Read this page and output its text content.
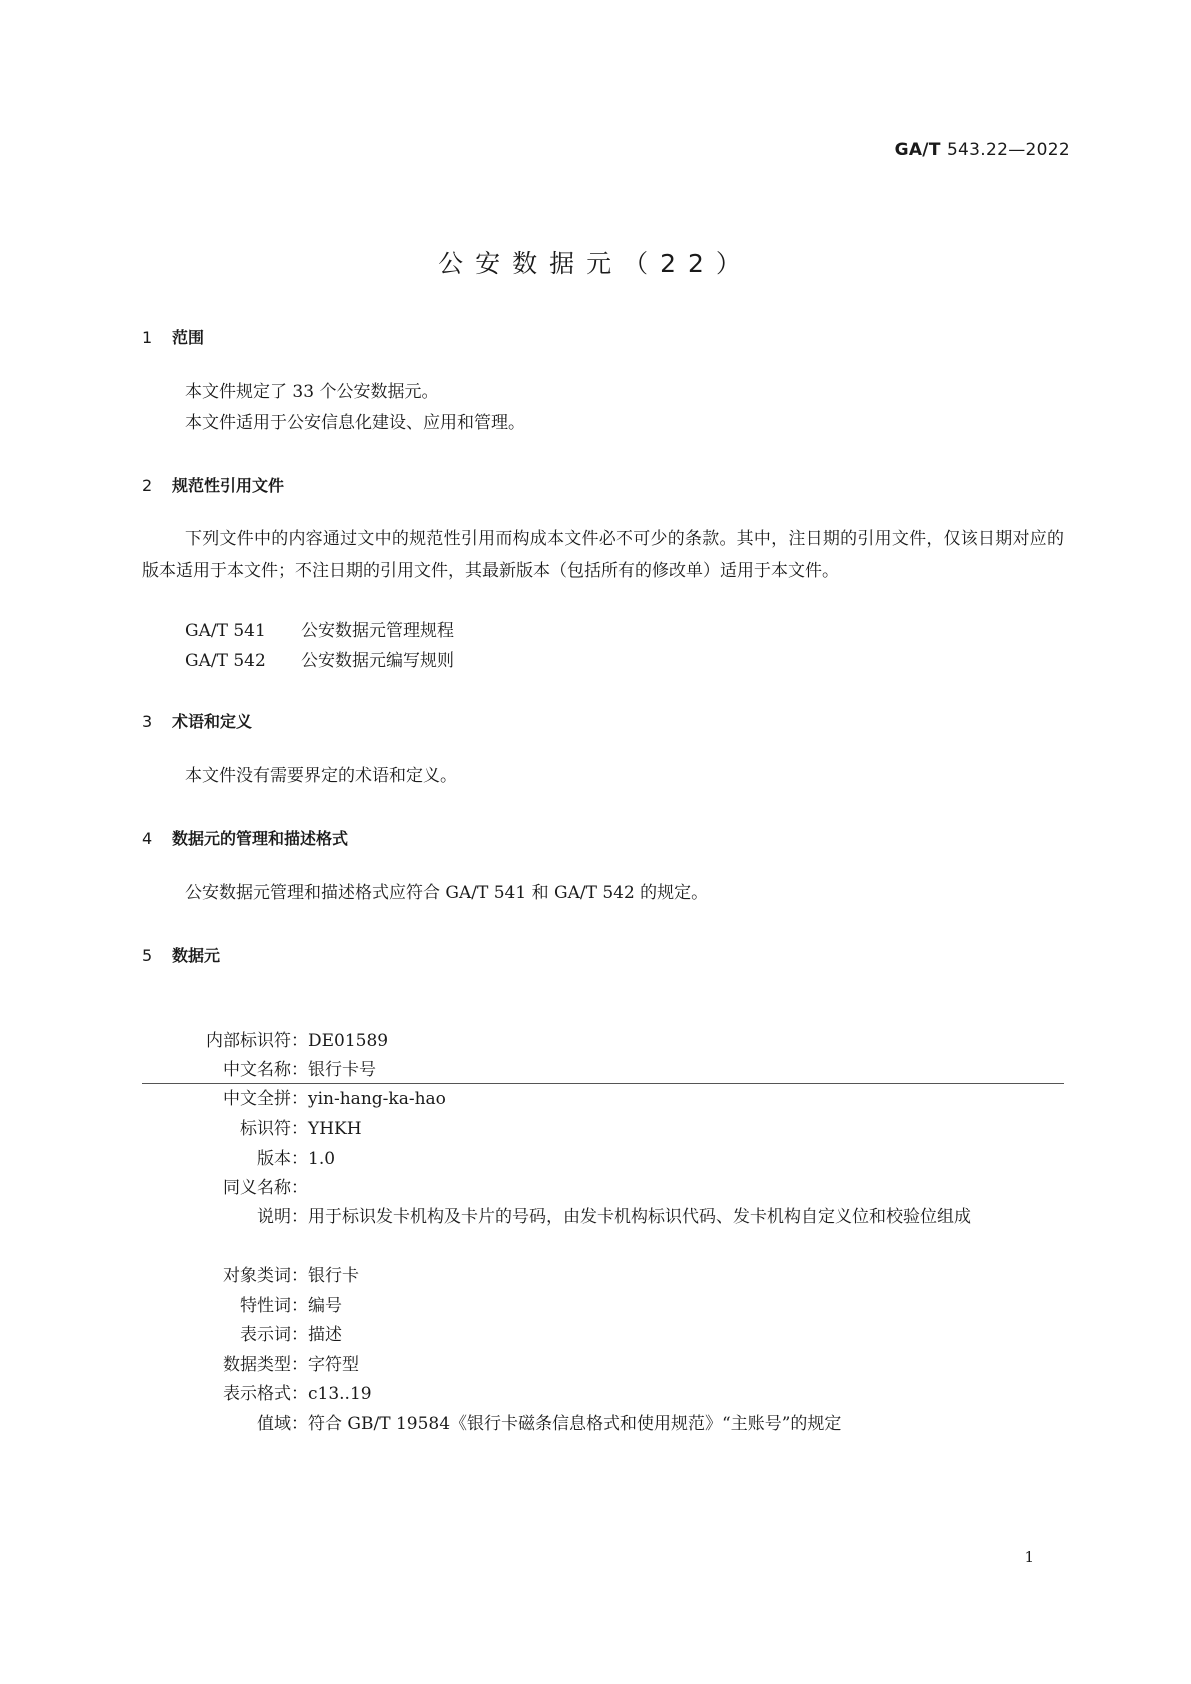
GA/T 543.22—2022
公安数据元（22）
1 范围
本文件规定了 33 个公安数据元。
本文件适用于公安信息化建设、应用和管理。
2 规范性引用文件
下列文件中的内容通过文中的规范性引用而构成本文件必不可少的条款。其中，注日期的引用文件，仅该日期对应的版本适用于本文件；不注日期的引用文件，其最新版本（包括所有的修改单）适用于本文件。
GA/T 541 公安数据元管理规程
GA/T 542 公安数据元编写规则
3 术语和定义
本文件没有需要界定的术语和定义。
4 数据元的管理和描述格式
公安数据元管理和描述格式应符合 GA/T 541 和 GA/T 542 的规定。
5 数据元
内部标识符： DE01589
中文名称： 银行卡号
中文全拼： yin-hang-ka-hao
标识符： YHKH
版本： 1.0
同义名称：
说明： 用于标识发卡机构及卡片的号码，由发卡机构标识代码、发卡机构自定义位和校验位组成
对象类词： 银行卡
特性词： 编号
表示词： 描述
数据类型： 字符型
表示格式： c13..19
值域： 符合 GB/T 19584《银行卡磁条信息格式和使用规范》“主账号”的规定
1
